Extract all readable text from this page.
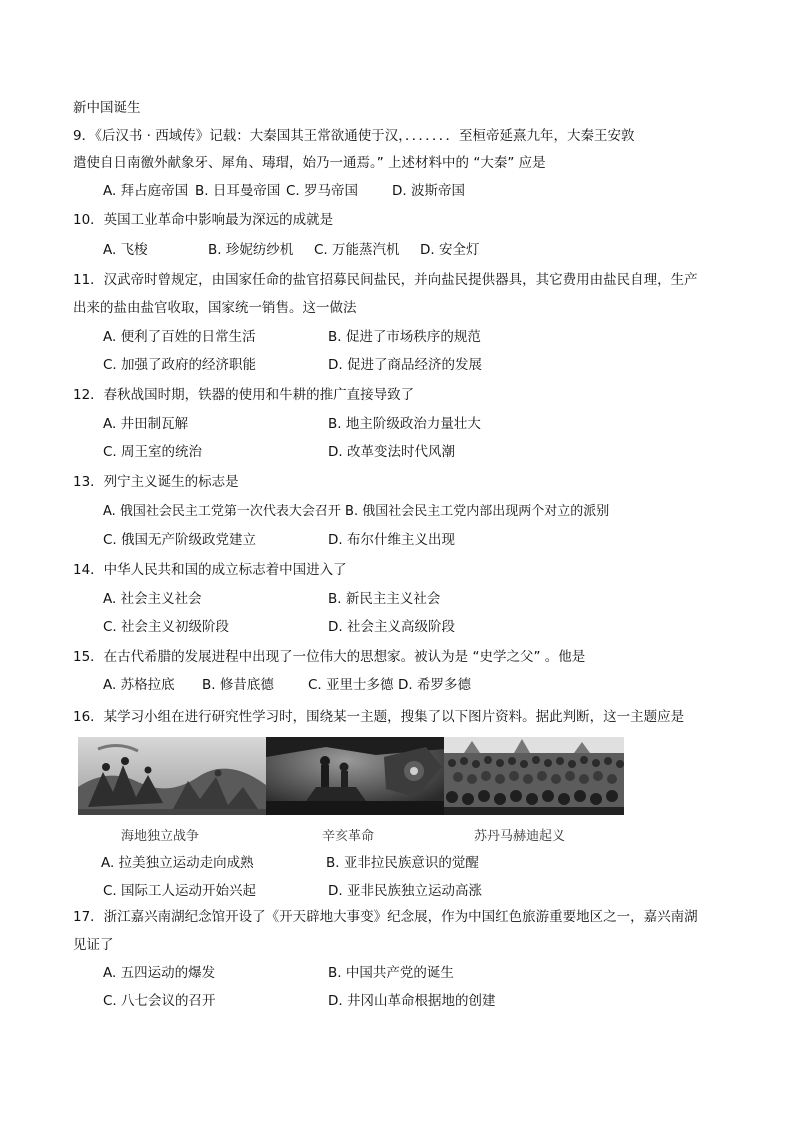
新中国诞生
9．《后汉书 · 西域传》记载：大秦国其王常欲通使于汉，．．．．．．．至桓帝延熹九年，大秦王安敦
遣使自日南徼外献象牙、犀角、瑇瑁，始乃一通焉。” 上述材料中的 “大秦” 应是
A. 拜占庭帝国 B. 日耳曼帝国 C. 罗马帝国	D. 波斯帝国
10．英国工业革命中影响最为深远的成就是
A. 飞梭	B. 珍妮纺纱机 C. 万能蒸汽机 D. 安全灯
11．汉武帝时曾规定，由国家任命的盐官招募民间盐民，并向盐民提供器具，其它费用由盐民自理，生产
出来的盐由盐官收取，国家统一销售。这一做法
A. 便利了百姓的日常生活	B. 促进了市场秩序的规范
C. 加强了政府的经济职能	D. 促进了商品经济的发展
12．春秋战国时期，铁器的使用和牛耕的推广直接导致了
A. 井田制瓦解	B. 地主阶级政治力量壮大
C. 周王室的统治	D. 改革变法时代风潮
13．列宁主义诞生的标志是
A. 俄国社会民主工党第一次代表大会召开 B. 俄国社会民主工党内部出现两个对立的派别
C. 俄国无产阶级政党建立	D. 布尔什维主义出现
14．中华人民共和国的成立标志着中国进入了
A. 社会主义社会	B. 新民主主义社会
C. 社会主义初级阶段	D. 社会主义高级阶段
15．在古代希腊的发展进程中出现了一位伟大的思想家。被认为是 “史学之父” 。他是
A. 苏格拉底 B. 修昔底德	C. 亚里士多德 D. 希罗多德
16．某学习小组在进行研究性学习时，围绕某一主题，搜集了以下图片资料。据此判断，这一主题应是
海地独立战争	辛亥革命	苏丹马赫迪起义
A. 拉美独立运动走向成熟	B. 亚非拉民族意识的觉醒
C. 国际工人运动开始兴起	D. 亚非民族独立运动高涨
17．浙江嘉兴南湖纪念馆开设了《开天辟地大事变》纪念展，作为中国红色旅游重要地区之一，嘉兴南湖
见证了
A. 五四运动的爆发	B. 中国共产党的诞生
C. 八七会议的召开	D. 井冈山革命根据地的创建
